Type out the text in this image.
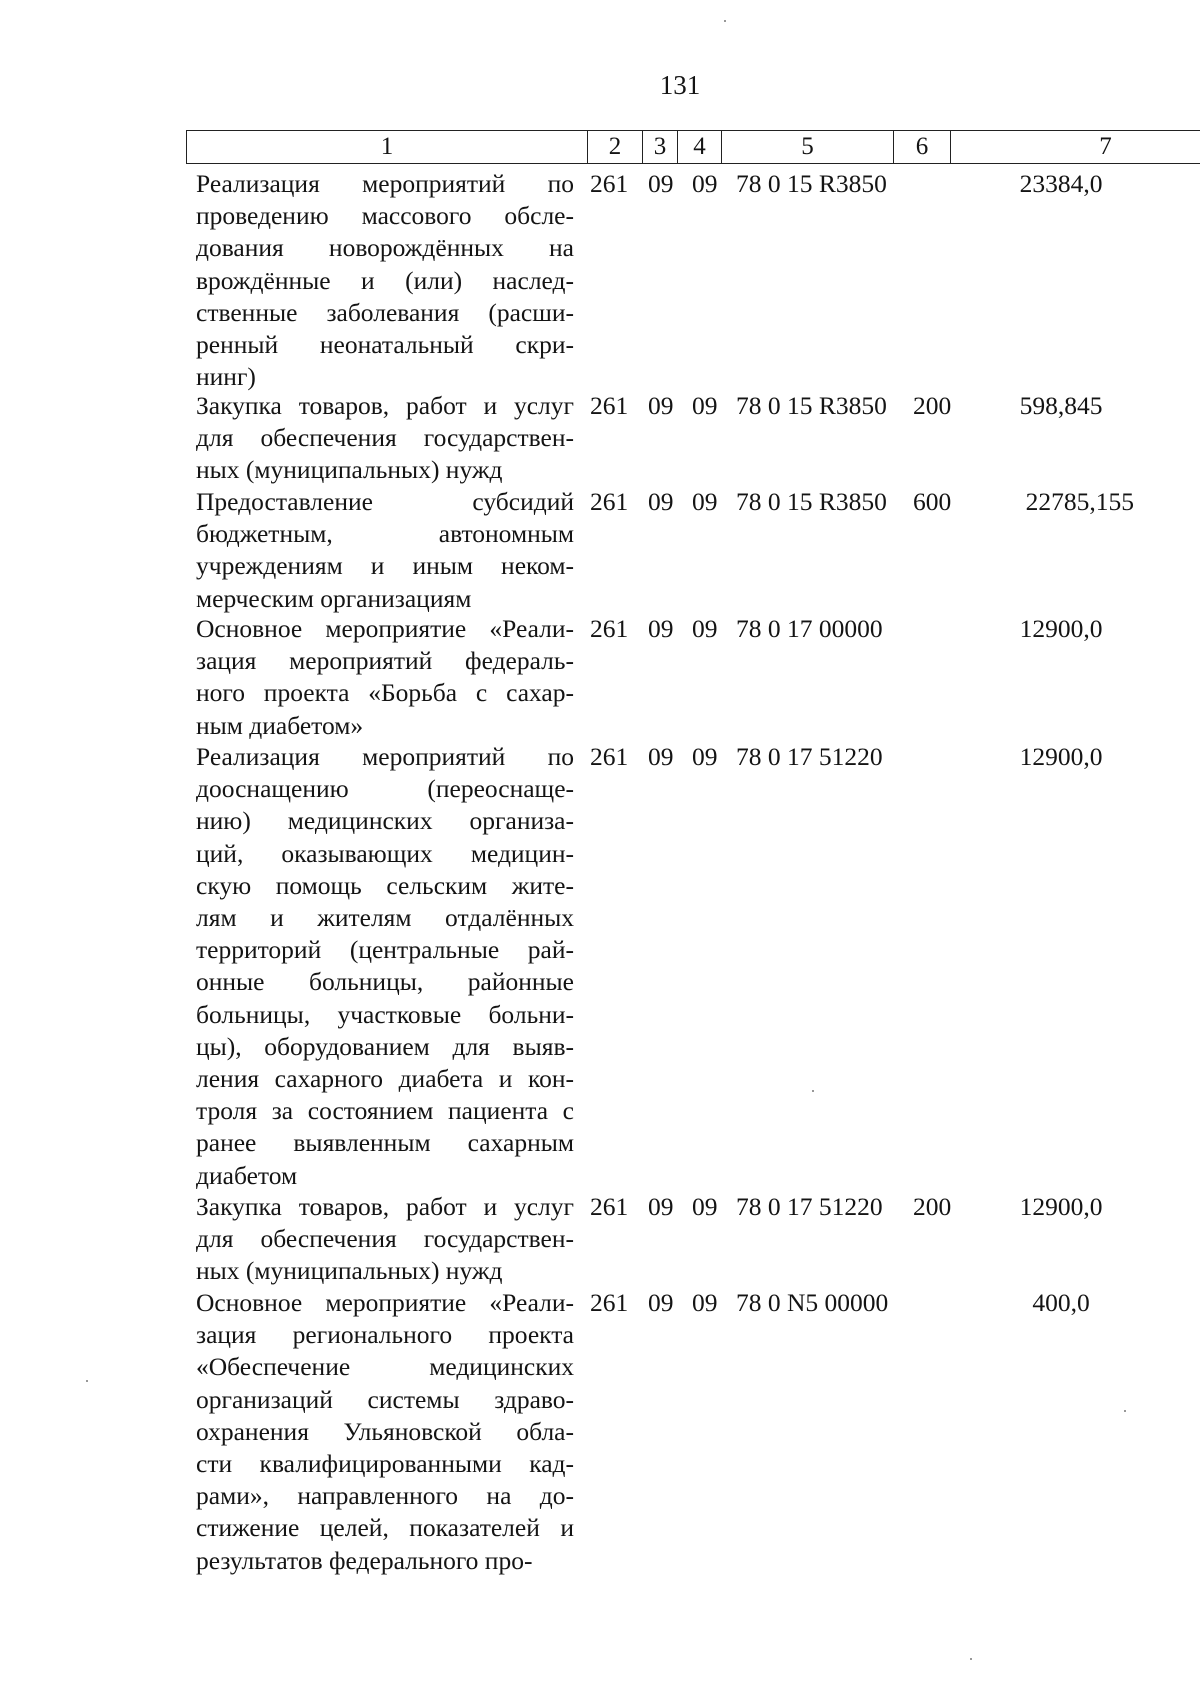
131
1	2	3	4	5	6	7
Реализация мероприятий по
проведению массового обсле-
дования новорождённых на
врождённые и (или) наслед-
ственные заболевания (расши-
ренный неонатальный скри-
нинг)
261 09 09 78 0 15 R3850	23384,0
Закупка товаров, работ и услуг
для обеспечения государствен-
ных (муниципальных) нужд
261 09 09 78 0 15 R3850 200	598,845
Предоставление субсидий
бюджетным, автономным
учреждениям и иным неком-
мерческим организациям
261 09 09 78 0 15 R3850 600	22785,155
Основное мероприятие «Реали-
зация мероприятий федераль-
ного проекта «Борьба с сахар-
ным диабетом»
261 09 09 78 0 17 00000	12900,0
Реализация мероприятий по
дооснащению (переоснаще-
нию) медицинских организа-
ций, оказывающих медицин-
скую помощь сельским жите-
лям и жителям отдалённых
территорий (центральные рай-
онные больницы, районные
больницы, участковые больни-
цы), оборудованием для выяв-
ления сахарного диабета и кон-
троля за состоянием пациента с
ранее выявленным сахарным
диабетом
261 09 09 78 0 17 51220	12900,0
Закупка товаров, работ и услуг
для обеспечения государствен-
ных (муниципальных) нужд
261 09 09 78 0 17 51220 200	12900,0
Основное мероприятие «Реали-
зация регионального проекта
«Обеспечение медицинских
организаций системы здраво-
охранения Ульяновской обла-
сти квалифицированными кад-
рами», направленного на до-
стижение целей, показателей и
результатов федерального про-
261 09 09 78 0 N5 00000	400,0
